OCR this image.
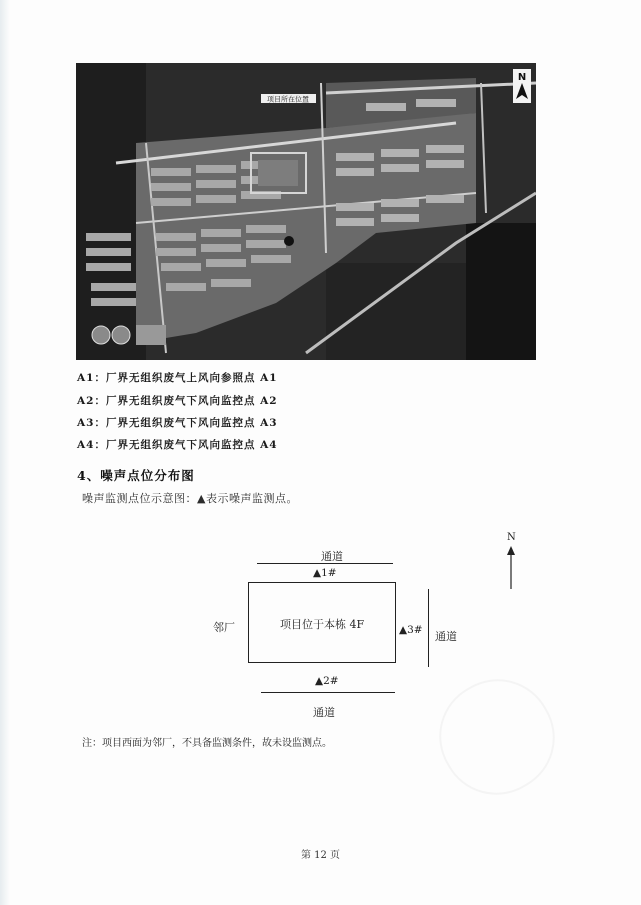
项目所在位置
N
A1：厂界无组织废气上风向参照点 A1
A2：厂界无组织废气下风向监控点 A2
A3：厂界无组织废气下风向监控点 A3
A4：厂界无组织废气下风向监控点 A4
4、噪声点位分布图
噪声监测点位示意图：▲表示噪声监测点。
通道
▲1#
项目位于本栋 4F
邻厂	▲3# 通道
▲2#
通道
N
注：项目西面为邻厂，不具备监测条件，故未设监测点。
第 12 页
